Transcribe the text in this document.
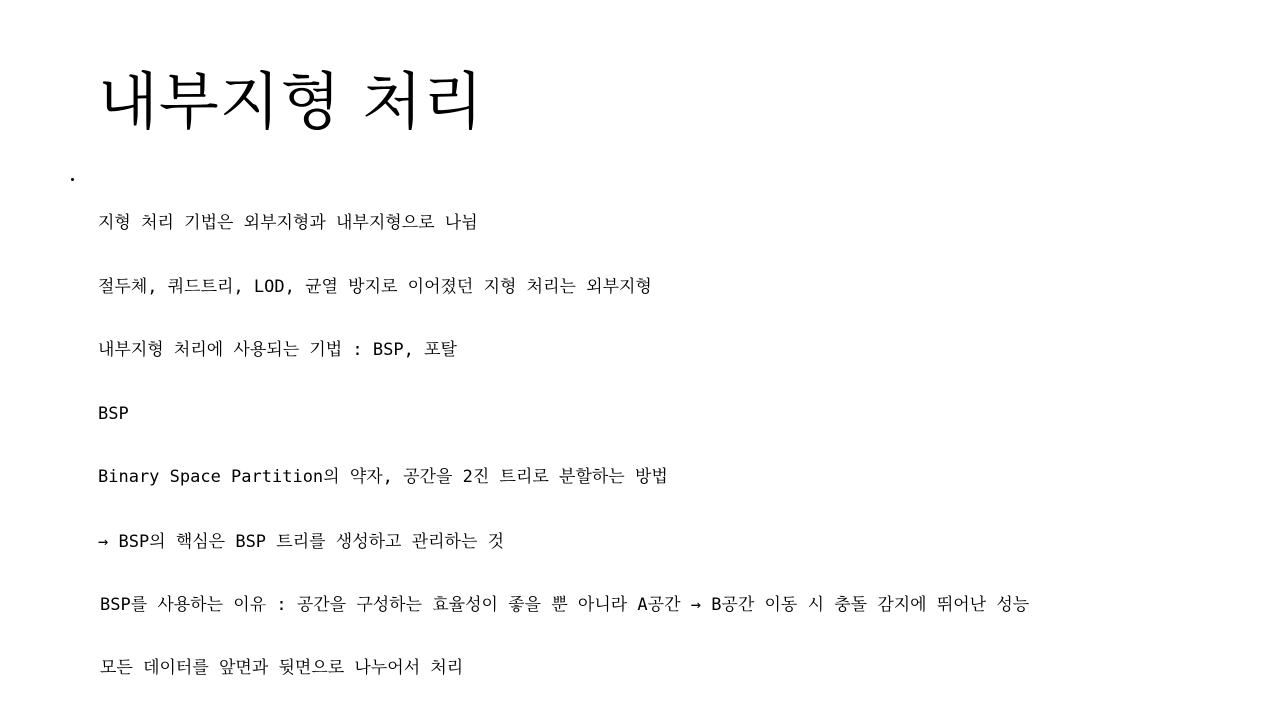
내부지형 처리
지형 처리 기법은 외부지형과 내부지형으로 나뉨
절두체, 쿼드트리, LOD, 균열 방지로 이어졌던 지형 처리는 외부지형
내부지형 처리에 사용되는 기법 : BSP, 포탈
BSP
Binary Space Partition의 약자, 공간을 2진 트리로 분할하는 방법
→ BSP의 핵심은 BSP 트리를 생성하고 관리하는 것
BSP를 사용하는 이유 : 공간을 구성하는 효율성이 좋을 뿐 아니라 A공간 → B공간 이동 시 충돌 감지에 뛰어난 성능
모든 데이터를 앞면과 뒷면으로 나누어서 처리
